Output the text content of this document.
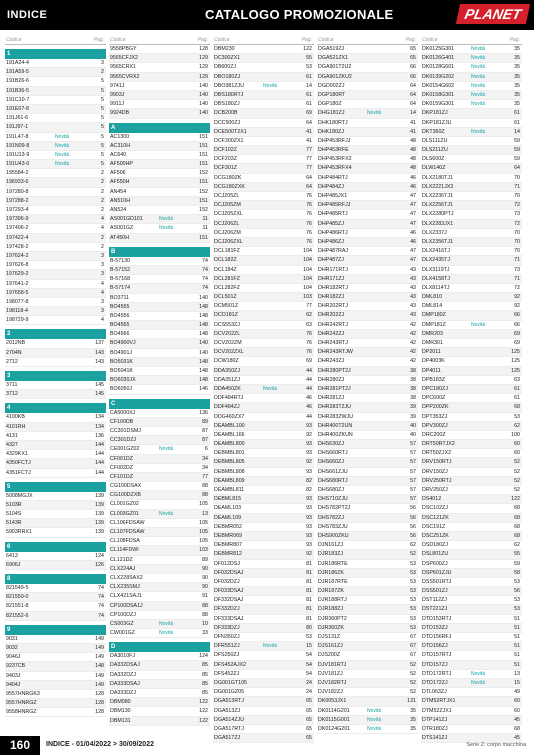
INDICE	CATALOGO PROMOZIONALE	PLANET
Codice	Pag.
1
191A24-4	3
191A59-5	2
191B26-6	5
191B36-5	5
191C10-7	5
191E07-8	5
191J61-6	5
191J97-1	5
191L47-8	Novità	5
191N09-8	Novità	5
191U13-9	Novità	5
191U43-0	Novità	5
195584-2	2
196933-6	2
197280-8	2
197288-2	2
197293-4	2
197396-9	4
197406-2	4
197422-4	2
197428-2	2
197624-2	3
197626-8	3
197629-2	3
197641-2	4
197658-5	4
198077-8	3
198118-4	3
198729-9	4
2
2012NB	137
2704N	143
2712	143
3
3711	145
3712	145
4
4100KB	134
4101RH	134
4131	136
4327	144
4329KX1	144
4350FCTJ	144
4351FCTJ	144
5
5008MGJX	139
5103R	139
5104S	139
5143R	139
5903RRX1	139
6
6413	124
6906J	126
8
821549-5	74
821550-0	74
821551-8	74
821552-6	74
9
9031	149
9032	149
9046J	149
9237CB	148
9403J	149
9404J	149
9557HNRGK3	128
9557HNRGZ	128
9558HNRGZ	128
Codice	Pag.
9558PBGY	128
9565CFJX2	129
9565CRX1	129
9565CVRX2	129
9741J	140
9903J	140
9911J	140
9924DB	140
A
AC1300	151
AC310H	151
AC640	151
AF500HP	151
AF506	152
AF550H	151
AN454	152
AN510H	151
AN524	152
AS001GD101	Novità	11
AS001GZ	Novità	11
AT450H	151
B
B-57130	74
B-57152	74
B-57168	74
B-57174	74
BO3711	140
BO4555	148
BO4556	148
BO4565	148
BO4566	148
BO4900VJ	140
BO4901J	140
BO5031K	148
BO5041K	148
BO6030JX	148
BO6050J	146
C
CA5000XJ	136
CF100DB	89
CC301DSMJ	87
CC301DZJ	87
CE001GZ02	Novità	6
CF001DZ	34
CF002DZ	34
CF101DZ	77
CG100DSAX	88
CG100DZXB	88
CL001GZ02	105
CL003GZ01	Novità	13
CL106FDSAW	105
CL107FDSAW	105
CL108FDSA	105
CL114FDWI	103
CL121DZ	89
CLX224AJ	90
CLX228SAX2	90
CLX235SMJ	90
CLX421SAJ1	91
CP100DSA1J	88
CP100DZJ	88
CS003GZ	Novità	10
CW001GZ	Novità	33
D
DA3010FJ	124
DA332DSAJ	85
DA332DZJ	85
DA333DSAJ	85
DA333DZJ	85
DBM080	122
DBM130	122
DBM131	122
Codice	Pag.
DBM230	122
DC300ZX1	55
DB600ZJ	53
DBO180ZJ	61
DBO381ZJU	Novità	14
DBS180RTJ	61
DBS180ZJ	61
DCB200B	69
DCC500ZJ	64
DCE500T2X1	41
DCF300ZX1	41
DCF102Z	77
DCF203Z	77
DCF301Z	77
DCG180ZK	64
DCG180ZXK	64
DCJ205ZL	76
DCJ205ZM	76
DCJ205ZXL	76
DCJ206ZL	76
DCJ206ZM	76
DCJ206ZXL	76
DCL181FZ	104
DCL182Z	104
DCL184Z	104
DCL281FZ	104
DCL282FZ	104
DCL501Z	103
DCM501Z	77
DCO181Z	62
DCS553ZJ	63
DCV202ZL	76
DCV202ZM	76
DCV202ZXL	76
DCW180Z	69
DDA350ZJ	44
DDA351ZJ	44
DDA450ZK	Novità	44
DDF484RTJ	46
DDF484ZJ	46
DDG460ZX7	44
DEAMBL100	93
DEAMBL166	92
DEAMBL800	93
DEBMBL801	93
DEBMBL805	92
DEBMBL808	93
DEAMBL809	82
DEAMBL811	82
DEBML815	93
DEAML103	93
DEAML109	93
DEBMR052	93
DEBMR069	93
DEBMR807	93
DEBMR812	92
DF012DSJ	81
DF032DSAJ	81
DF032DZJ	81
DF033DSAJ	81
DF332DSAJ	81
DF332DZJ	81
DF333DSAJ	81
DF333DZJ	80
DFN350ZJ	53
DFR551ZJ	Novità	15
DFS250ZJ	54
DFS452AJX2	54
DFS452ZJ	54
DG001GT105	24
DG001GZ05	24
DGA513RTJ	65
DGA513ZJ	65
DGA514ZJU	65
DGA517RTJ	65
DGA517ZJ	65
Codice	Pag.
DGA519ZJ	65
DGA521ZX1	65
DGA901T2U2	66
DGA901ZKU2	66
DGD002ZJ	64
DGP180RT	64
DGP180Z	64
DHG181ZJ	Novità	14
DHK180RTJ	41
DHK180ZJ	41
DHP453RFJJ	48
DHP453RFE	48
DHP453RFX2	48
DHP453RFX4	48
DHP484RTJ	46
DHP484ZJ	46
DHP485JX1	47
DHP485RFJJ	47
DHP485RTJ	47
DHP485ZJ	47
DHP486RTJ	46
DHP486ZJ	46
DHP487RAJ	47
DHP487ZJ	47
DHR171RTJ	43
DHR171ZJ	43
DHR182RTJ	43
DHR182ZJ	43
DHR202RTJ	43
DHR202ZJ	43
DHR242RTJ	42
DHR242ZJ	42
DHR243RTJ	42
DHR243RTJW	42
DHR243ZJ	42
DHR280PT2J	38
DHR280ZJ	38
DHR281PT2J	38
DHR281ZJ	38
DHR283T2JU	39
DHR283ZWJU	39
DHR400T2UN	40
DHR400ZKUN	40
DHS630ZJ	57
DHS660RTJ	57
DHS660ZJ	57
DHS661ZJU	57
DHS680RTJ	57
DHS680ZJ	57
DHS710ZJU	57
DHS782PT2J	56
DHS782ZJ	56
DHS783ZJU	56
DHS900ZKU	56
DJN161ZJ	62
DJR183ZJ	52
DJR186RTE	53
DJR186ZK	53
DJR187RTE	53
DJR187ZK	53
DJR188RTJ	53
DJR188ZJ	53
DJR360PT2	53
DJR360ZK	53
DJS131Z	67
DJS161ZJ	67
DJS200Z	67
DJV181RTJ	52
DJV181ZJ	52
DJV182RTJ	52
DJV182ZJ	52
DK0053JX1	131
DK0114G201	Novità	35
DK0115G001	Novità	35
DK0124G201	Novità	35
Codice	Pag.
DK0125G301	Novità	35
DK0126G401	Novità	35
DK0128G601	Novità	35
DK0139G202	Novità	35
DK0154G602	Novità	35
DK0158G301	Novità	35
DK0159G301	Novità	35
DKP181ZJ	61
DKP181ZJU	61
DKT360Z	Novità	14
DLS111ZU	59
DLS211ZU	59
DLS600Z	59
DLW140Z	64
DLX2180TJ1	70
DLX2221JX3	71
DLX2236TJ1	70
DLX2256TJ1	72
DLX2280PTJ	73
DLX2283JX1	72
DLX2337J	70
DLX2356TJ1	70
DLX2416TJ	70
DLX2435TJ	71
DLX3119TJ	73
DLX4158TJ	71
DLX8114TJ	72
DML810	92
DML814	92
DMP180Z	66
DMP181Z	Novità	66
DMR203	69
DMR301	69
DP2011	125
DP4003K	125
DP4011	125
DPB183Z	63
DPC180ZJ	61
DPC600Z	61
DPP200ZK	68
DPT353ZJ	53
DPV300ZJ	62
DRC200Z	100
DRT50RTJX2	60
DRT50ZJX2	60
DRV150RTJ	52
DRV150ZJ	52
DRV250RTJ	52
DRV250ZJ	52
DS4012	122
DSC102ZJ	68
DSC121ZK	68
DSC191Z	68
DSC251ZK	68
DSD180ZJ	62
DSL801ZU	55
DSP600ZJ	59
DSP601ZJU	58
DSS501RTJ	53
DSS501ZJ	56
DST112ZJ	53
DST221ZJ	53
DTD153RTJ	51
DTD153ZJ	51
DTD156RFJ	51
DTD156ZJ	51
DTD157RTJ	51
DTD157ZJ	51
DTD172RTJ	Novità	13
DTD172ZJ	Novità	15
DTL063ZJ	49
DTM52RTJX1	60
DTM52ZJX1	60
DTP141ZJ	45
DTR180ZJ	68
DTS141ZJ	45
160	INDICE - 01/04/2022 > 30/09/2022	Serie Z: corpo macchina
